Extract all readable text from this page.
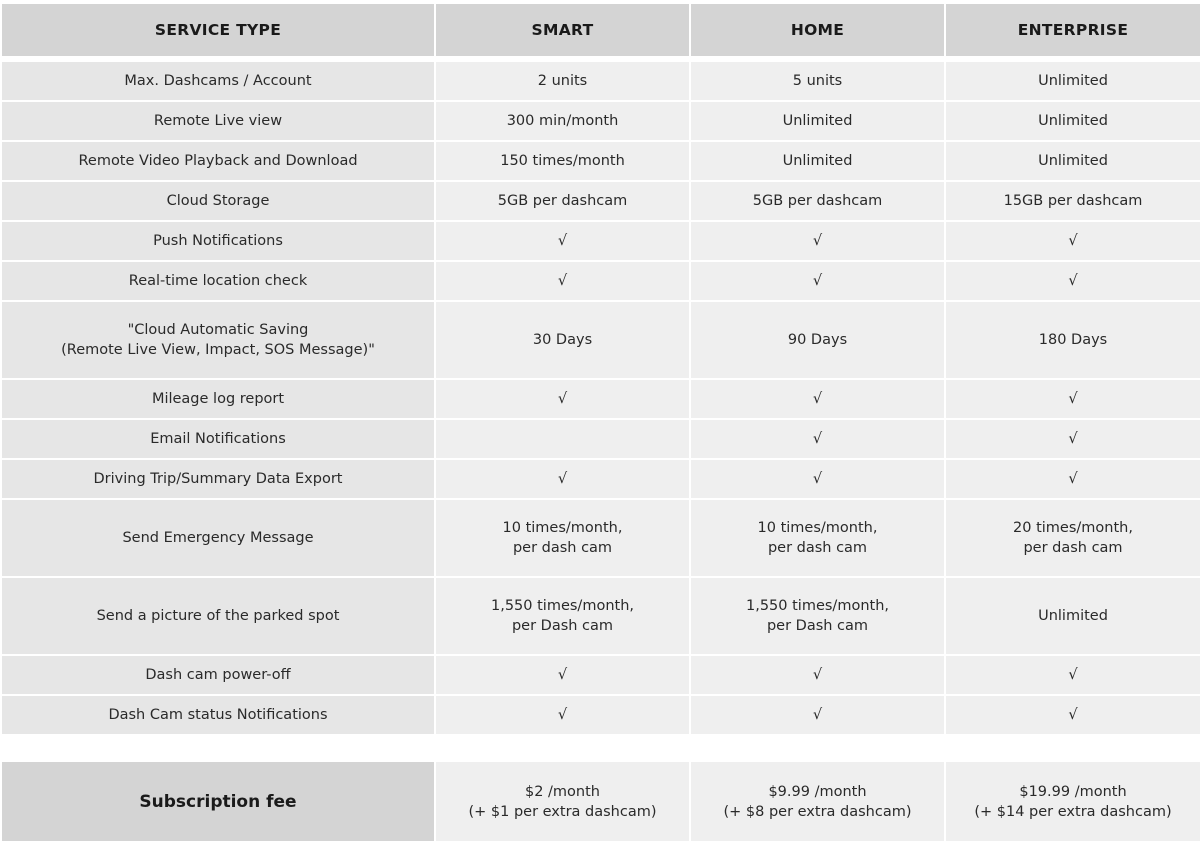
SERVICE TYPE	SMART	HOME	ENTERPRISE
Max. Dashcams / Account	2 units	5 units	Unlimited

Remote Live view	300 min/month	Unlimited	Unlimited

Remote Video Playback and Download	150 times/month	Unlimited	Unlimited

Cloud Storage	5GB per dashcam	5GB per dashcam	15GB per dashcam

Push Notifications	√	√	√

Real-time location check	√	√	√

"Cloud Automatic Saving
(Remote Live View, Impact, SOS Message)"	30 Days	90 Days	180 Days

Mileage log report	√	√	√

Email Notifications		√	√

Driving Trip/Summary Data Export	√	√	√

Send Emergency Message	10 times/month,
per dash cam	10 times/month,
per dash cam	20 times/month,
per dash cam

Send a picture of the parked spot	1,550 times/month,
per Dash cam	1,550 times/month,
per Dash cam	Unlimited

Dash cam power-off	√	√	√

Dash Cam status Notifications	√	√	√
Subscription fee	$2 /month
(+ $1 per extra dashcam)

$9.99 /month
(+ $8 per extra dashcam)

$19.99 /month
(+ $14 per extra dashcam)
